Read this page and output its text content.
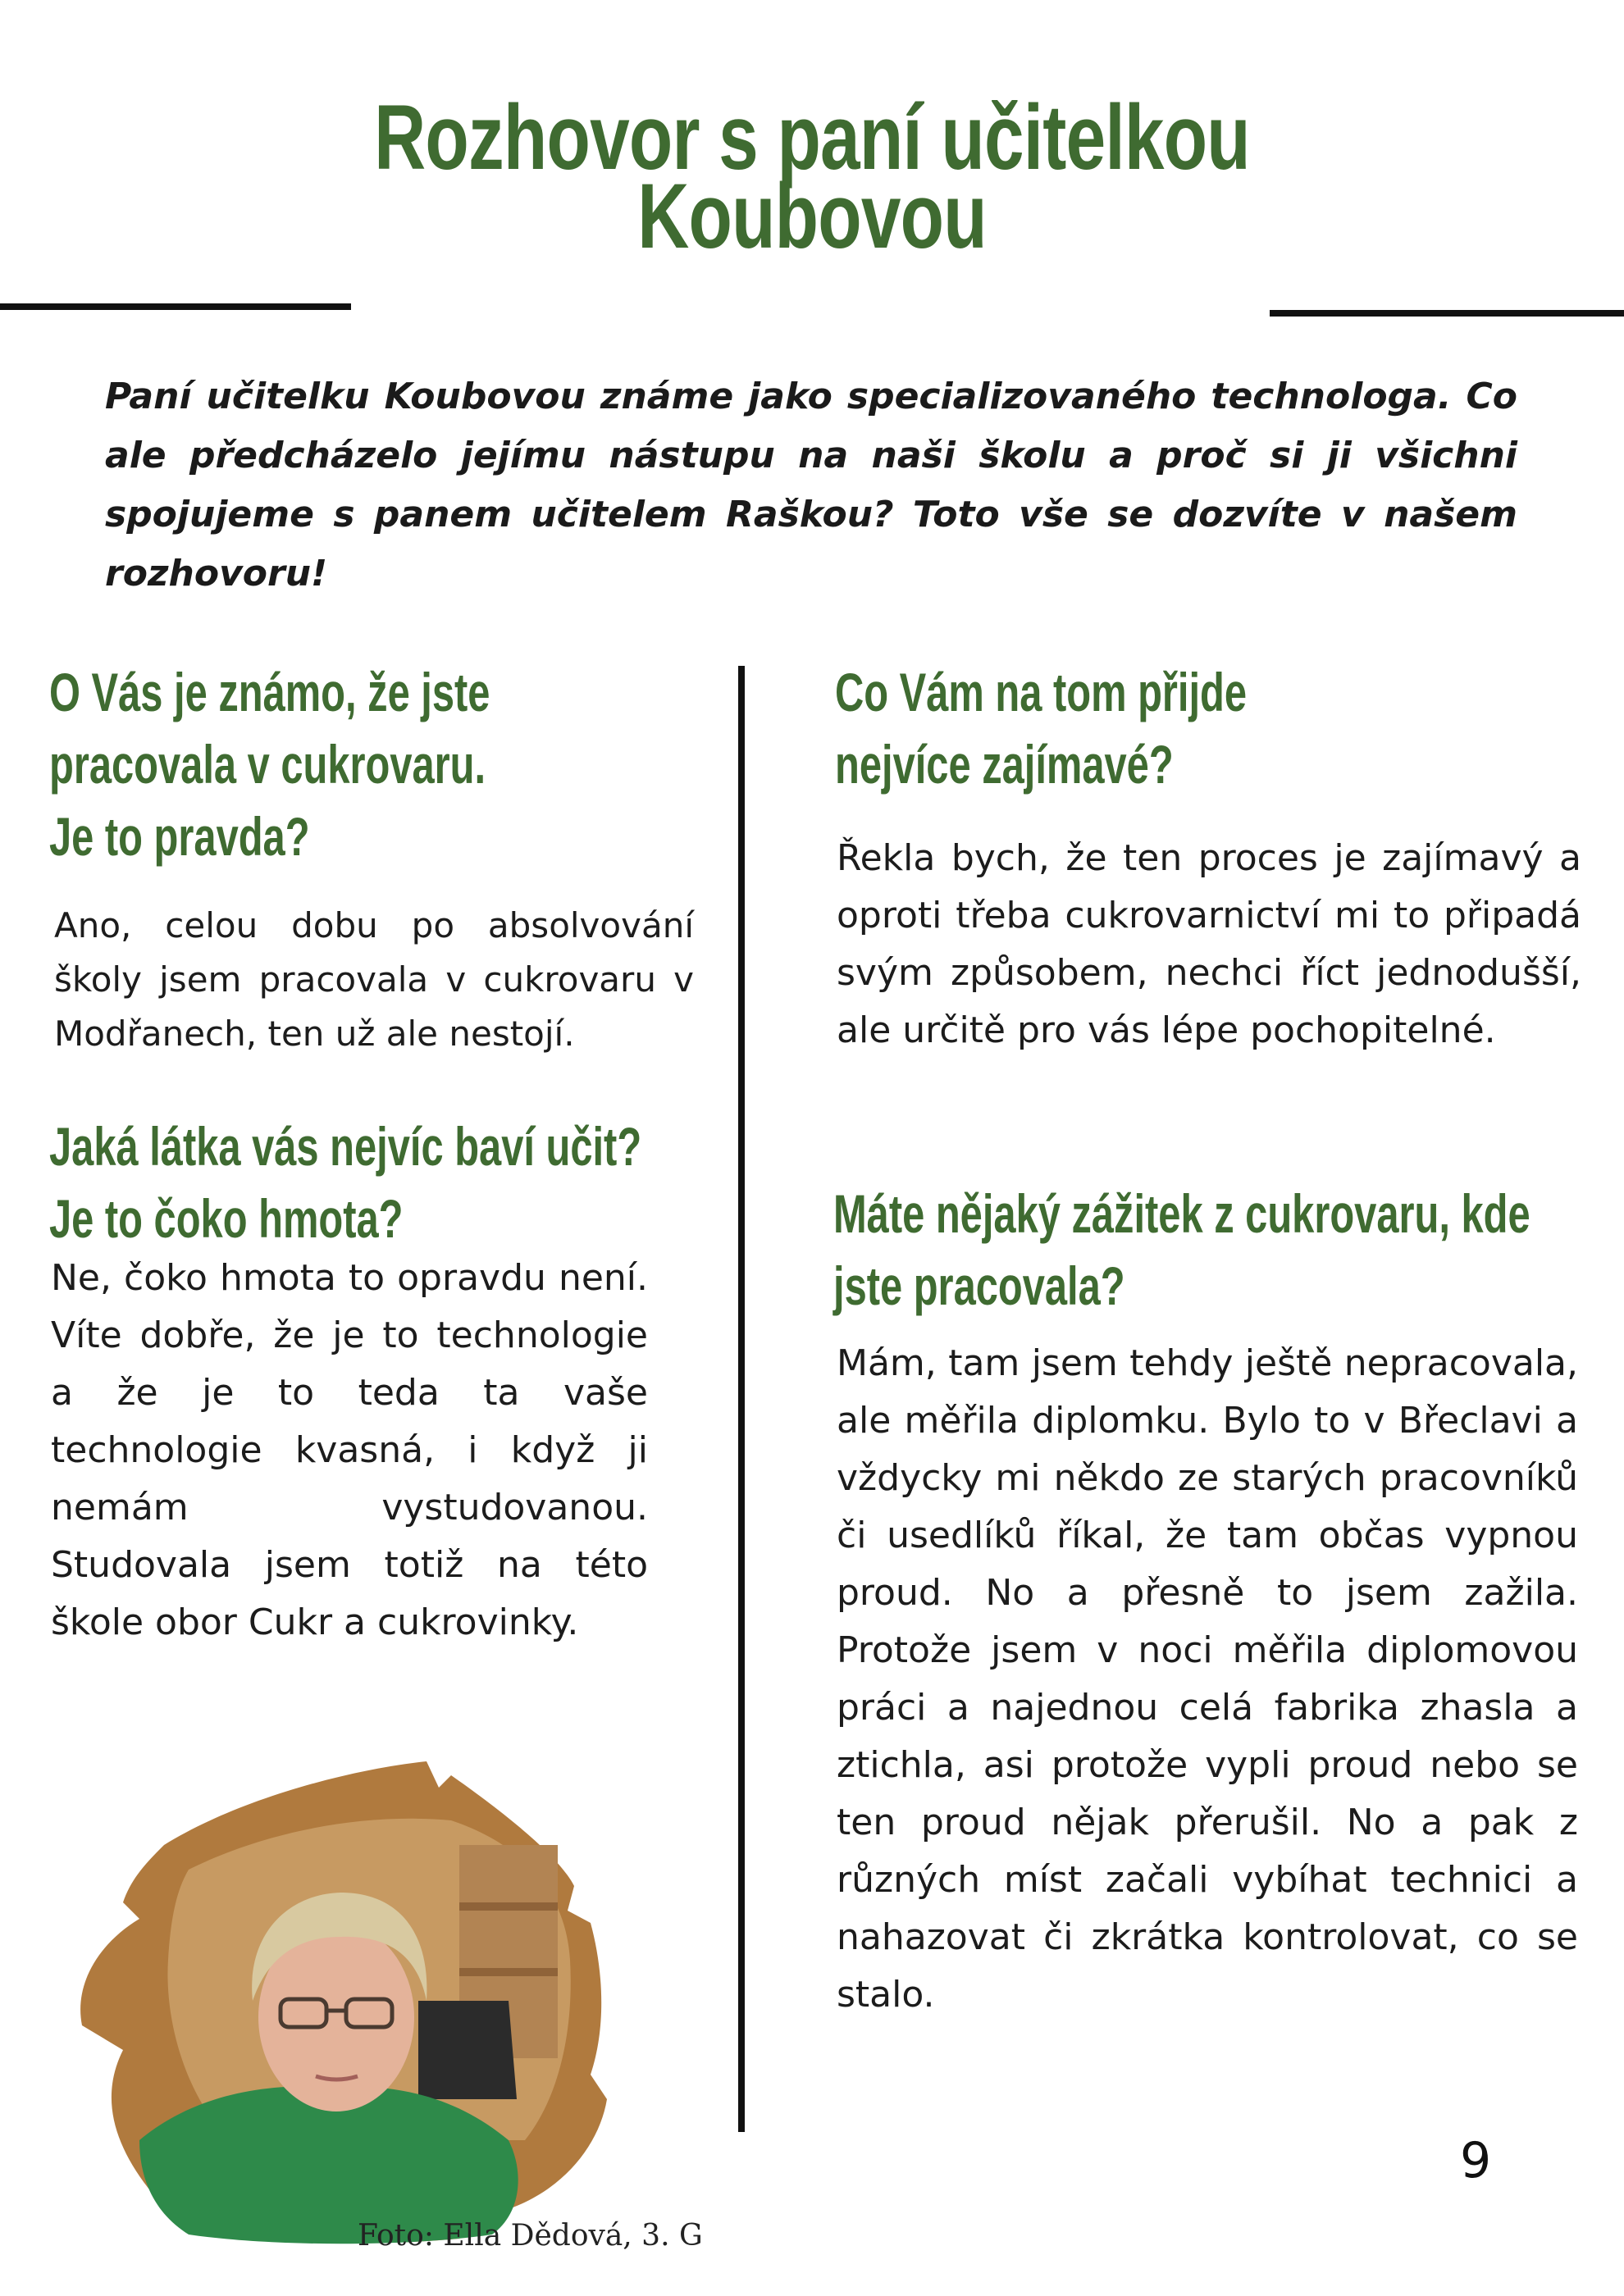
Rozhovor s paní učitelkou
Koubovou

Paní učitelku Koubovou známe jako specializovaného technologa. Co ale předcházelo jejímu nástupu na naši školu a proč si ji všichni spojujeme s panem učitelem Raškou? Toto vše se dozvíte v našem rozhovoru!

O Vás je známo, že jste pracovala v cukrovaru. Je to pravda?

Ano, celou dobu po absolvování školy jsem pracovala v cukrovaru v Modřanech, ten už ale nestojí.

Jaká látka vás nejvíc baví učit? Je to čoko hmota?

Ne, čoko hmota to opravdu není. Víte dobře, že je to technologie a že je to teda ta vaše technologie kvasná, i když ji nemám vystudovanou. Studovala jsem totiž na této škole obor Cukr a cukrovinky.

Co Vám na tom přijde nejvíce zajímavé?

Řekla bych, že ten proces je zajímavý a oproti třeba cukrovarnictví mi to připadá svým způsobem, nechci říct jednodušší, ale určitě pro vás lépe pochopitelné.

Máte nějaký zážitek z cukrovaru, kde jste pracovala?

Mám, tam jsem tehdy ještě nepracovala, ale měřila diplomku. Bylo to v Břeclavi a vždycky mi někdo ze starých pracovníků či usedlíků říkal, že tam občas vypnou proud. No a přesně to jsem zažila. Protože jsem v noci měřila diplomovou práci a najednou celá fabrika zhasla a ztichla, asi protože vypli proud nebo se ten proud nějak přerušil. No a pak z různých míst začali vybíhat technici a nahazovat či zkrátka kontrolovat, co se stalo.

Foto: Ella Dědová, 3. G
9
